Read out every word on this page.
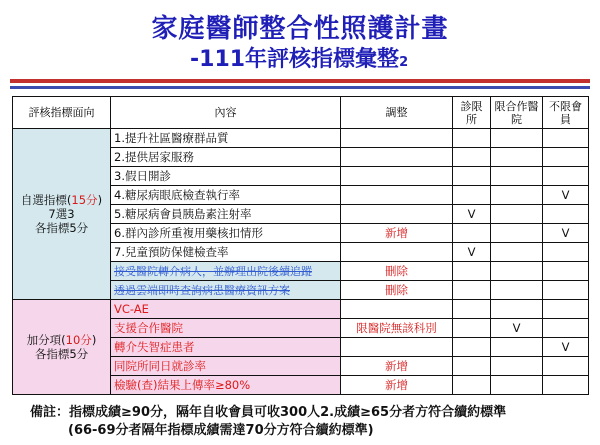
家庭醫師整合性照護計畫
-111年評核指標彙整2
評核指標面向	內容	調整	診限所	限合作醫院	不限會員
自選指標(15分)
7選3
各指標5分	1.提升社區醫療群品質				
	2.提供居家服務				
	3.假日開診				
	4.糖尿病眼底檢查執行率				V
	5.糖尿病會員胰島素注射率		V		
	6.群內診所重複用藥核扣情形	新增			V
	7.兒童預防保健檢查率		V		
	接受醫院轉介病人，並辦理出院後續追蹤	刪除			
	透過雲端即時查詢病患醫療資訊方案	刪除			
加分項(10分)
各指標5分	VC-AE				
	支援合作醫院	限醫院無該科別		V	
	轉介失智症患者				V
	同院所同日就診率	新增			
	檢驗(查)結果上傳率≥80%	新增			
備註：指標成績≥90分，隔年自收會員可收300人2.成績≥65分者方符合續約標準
(66-69分者隔年指標成績需達70分方符合續約標準)
